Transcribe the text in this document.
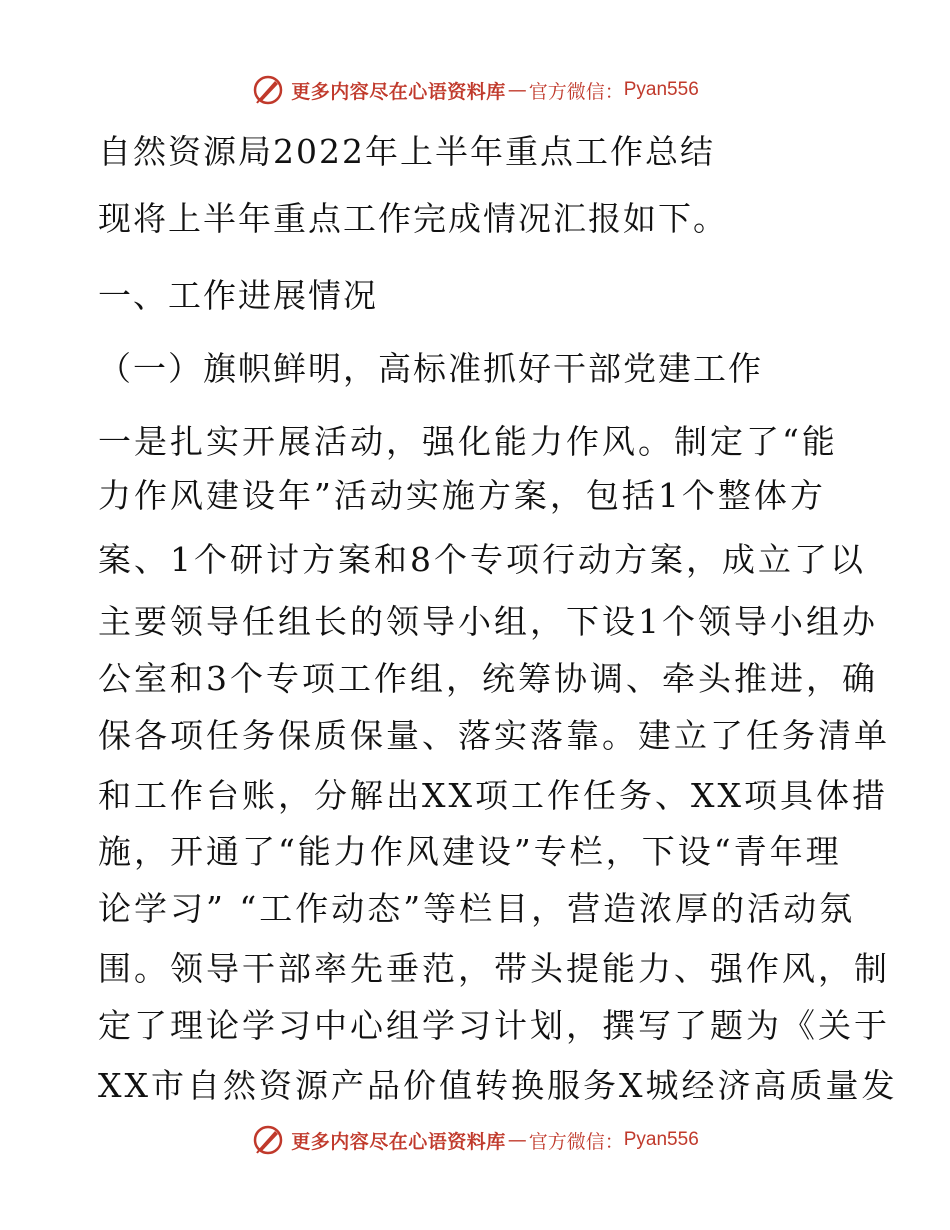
更多内容尽在心语资料库 — 官方微信： Pyan556
自然资源局2022年上半年重点工作总结
现将上半年重点工作完成情况汇报如下。
一、工作进展情况
（一）旗帜鲜明，高标准抓好干部党建工作
一是扎实开展活动，强化能力作风。制定了“能
力作风建设年”活动实施方案，包括1个整体方
案、1个研讨方案和8个专项行动方案，成立了以
主要领导任组长的领导小组，下设1个领导小组办
公室和3个专项工作组，统筹协调、牵头推进，确
保各项任务保质保量、落实落靠。建立了任务清单
和工作台账，分解出XX项工作任务、XX项具体措
施，开通了“能力作风建设”专栏，下设“青年理
论学习” “工作动态”等栏目，营造浓厚的活动氛
围。领导干部率先垂范，带头提能力、强作风，制
定了理论学习中心组学习计划，撰写了题为《关于
XX市自然资源产品价值转换服务X城经济高质量发
更多内容尽在心语资料库 — 官方微信： Pyan556
